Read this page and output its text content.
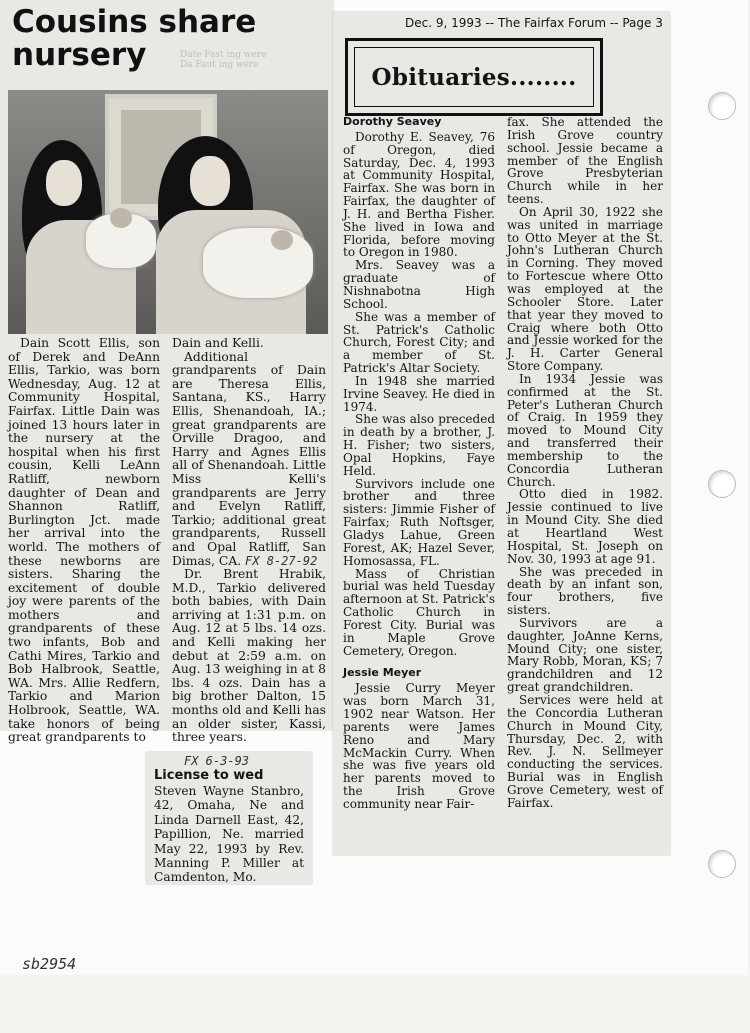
Cousins share nursery	Date Fast ing were
Da Faut ing were

Dain Scott Ellis, son of Derek and DeAnn Ellis, Tarkio, was born Wednesday, Aug. 12 at Community Hospital, Fairfax. Little Dain was joined 13 hours later in the nursery at the hospital when his first cousin, Kelli LeAnn Ratliff, newborn daughter of Dean and Shannon Ratliff, Burlington Jct. made her arrival into the world. The mothers of these newborns are sisters. Sharing the excitement of double joy were parents of the mothers and grandparents of these two infants, Bob and Cathi Mires, Tarkio and Bob Halbrook, Seattle, WA. Mrs. Allie Redfern, Tarkio and Marion Holbrook, Seattle, WA. take honors of being great grandparents to

Dain and Kelli.

Additional grandparents of Dain are Theresa Ellis, Santana, KS., Harry Ellis, Shenandoah, IA.; great grandparents are Orville Dragoo, and Harry and Agnes Ellis all of Shenandoah. Little Miss Kelli's grandparents are Jerry and Evelyn Ratliff, Tarkio; additional great grandparents, Russell and Opal Ratliff, San Dimas, CA. FX 8-27-92

Dr. Brent Hrabik, M.D., Tarkio delivered both babies, with Dain arriving at 1:31 p.m. on Aug. 12 at 5 lbs. 14 ozs. and Kelli making her debut at 2:59 a.m. on Aug. 13 weighing in at 8 lbs. 4 ozs. Dain has a big brother Dalton, 15 months old and Kelli has an older sister, Kassi, three years.

Dec. 9, 1993 -- The Fairfax Forum -- Page 3
Obituaries........
Dorothy Seavey

Dorothy E. Seavey, 76 of Oregon, died Saturday, Dec. 4, 1993 at Community Hospital, Fairfax. She was born in Fairfax, the daughter of J. H. and Bertha Fisher. She lived in Iowa and Florida, before moving to Oregon in 1980.

Mrs. Seavey was a graduate of Nishnabotna High School.

She was a member of St. Patrick's Catholic Church, Forest City; and a member of St. Patrick's Altar Society.

In 1948 she married Irvine Seavey. He died in 1974.

She was also preceded in death by a brother, J. H. Fisher; two sisters, Opal Hopkins, Faye Held.

Survivors include one brother and three sisters: Jimmie Fisher of Fairfax; Ruth Noftsger, Gladys Lahue, Green Forest, AK; Hazel Sever, Homosassa, FL.

Mass of Christian burial was held Tuesday afternoon at St. Patrick's Catholic Church in Forest City. Burial was in Maple Grove Cemetery, Oregon.

Jessie Meyer

Jessie Curry Meyer was born March 31, 1902 near Watson. Her parents were James Reno and Mary McMackin Curry. When she was five years old her parents moved to the Irish Grove community near Fair-

fax. She attended the Irish Grove country school. Jessie became a member of the English Grove Presbyterian Church while in her teens.

On April 30, 1922 she was united in marriage to Otto Meyer at the St. John's Lutheran Church in Corning. They moved to Fortescue where Otto was employed at the Schooler Store. Later that year they moved to Craig where both Otto and Jessie worked for the J. H. Carter General Store Company.

In 1934 Jessie was confirmed at the St. Peter's Lutheran Church of Craig. In 1959 they moved to Mound City and transferred their membership to the Concordia Lutheran Church.

Otto died in 1982. Jessie continued to live in Mound City. She died at Heartland West Hospital, St. Joseph on Nov. 30, 1993 at age 91.

She was preceded in death by an infant son, four brothers, five sisters.

Survivors are a daughter, JoAnne Kerns, Mound City; one sister, Mary Robb, Moran, KS; 7 grandchildren and 12 great grandchildren.

Services were held at the Concordia Lutheran Church in Mound City, Thursday, Dec. 2, with Rev. J. N. Sellmeyer conducting the services. Burial was in English Grove Cemetery, west of Fairfax.

FX 6-3-93
License to wed
Steven Wayne Stanbro, 42, Omaha, Ne and Linda Darnell East, 42, Papillion, Ne. married May 22, 1993 by Rev. Manning P. Miller at Camdenton, Mo.
sb2954
